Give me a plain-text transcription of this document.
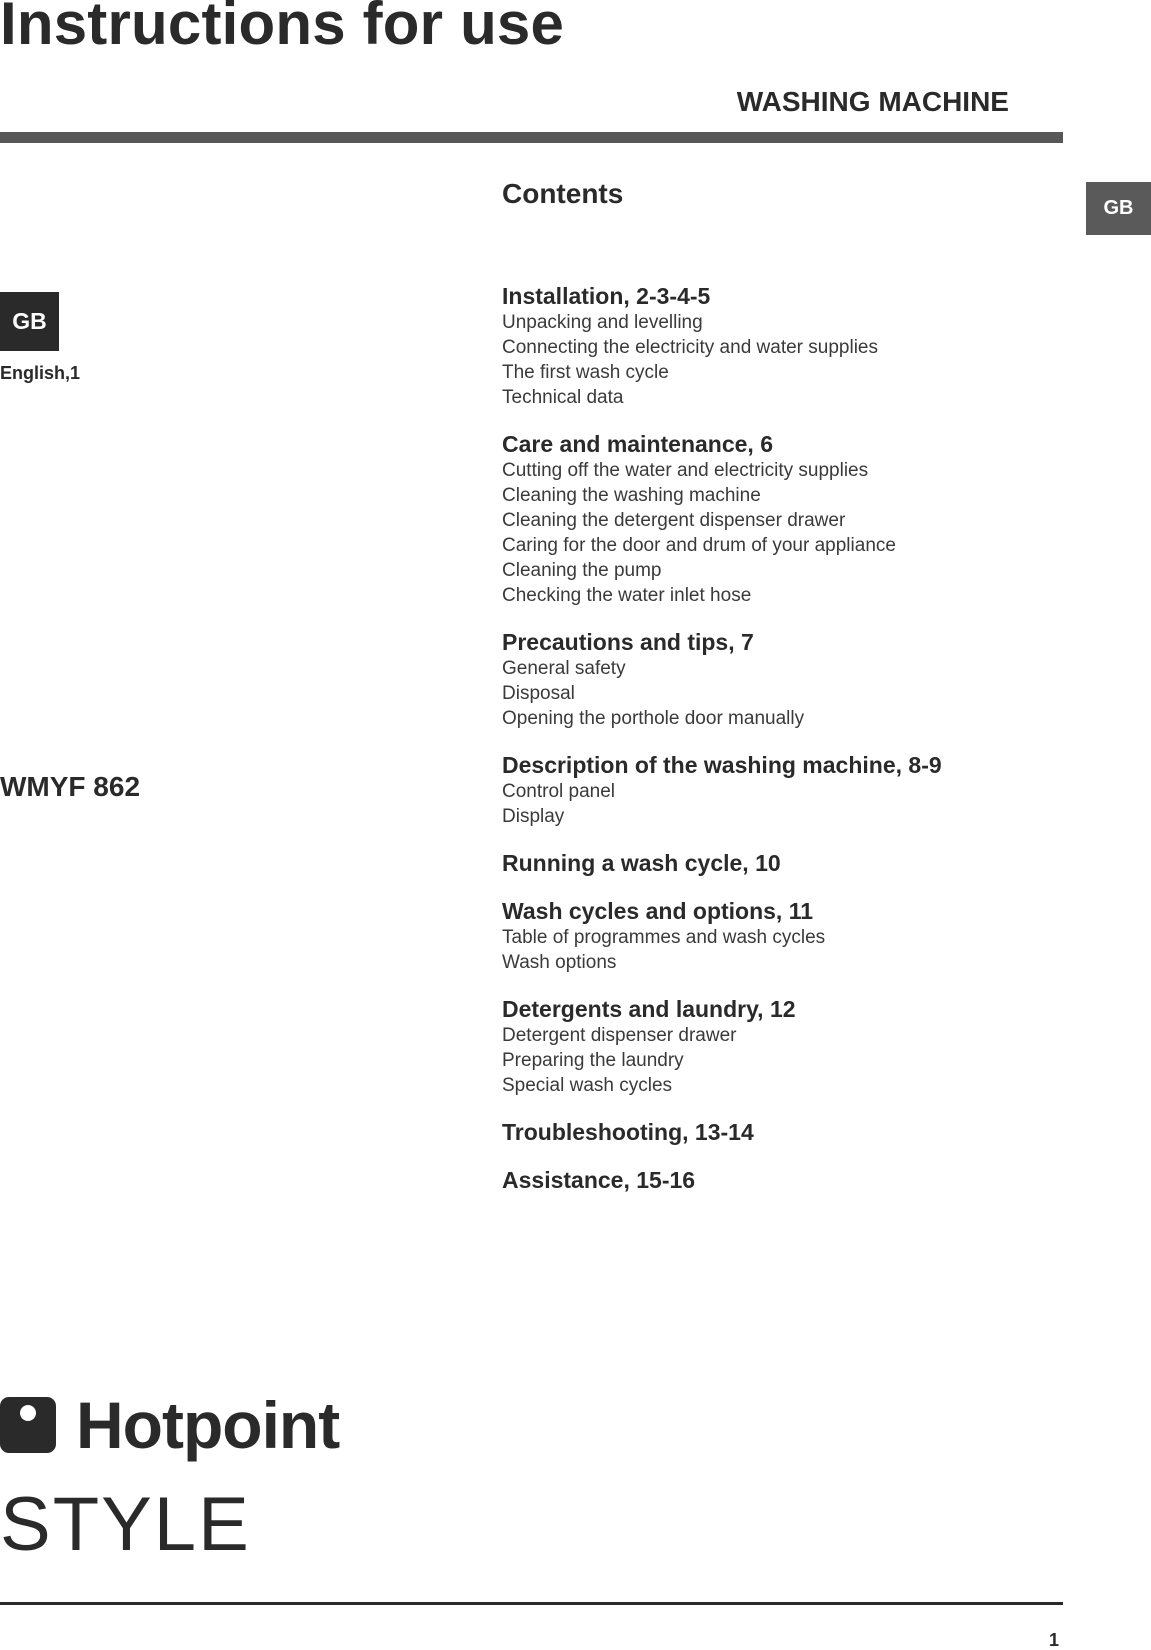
Instructions for use
WASHING MACHINE
Contents	GB
GB
English,1
WMYF 862
Installation, 2-3-4-5
Unpacking and levelling
Connecting the electricity and water supplies
The first wash cycle
Technical data
Care and maintenance, 6
Cutting off the water and electricity supplies
Cleaning the washing machine
Cleaning the detergent dispenser drawer
Caring for the door and drum of your appliance
Cleaning the pump
Checking the water inlet hose
Precautions and tips, 7
General safety
Disposal
Opening the porthole door manually
Description of the washing machine, 8-9
Control panel
Display
Running a wash cycle, 10
Wash cycles and options, 11
Table of programmes and wash cycles
Wash options
Detergents and laundry, 12
Detergent dispenser drawer
Preparing the laundry
Special wash cycles
Troubleshooting, 13-14
Assistance, 15-16
Hotpoint
STYLE
1
